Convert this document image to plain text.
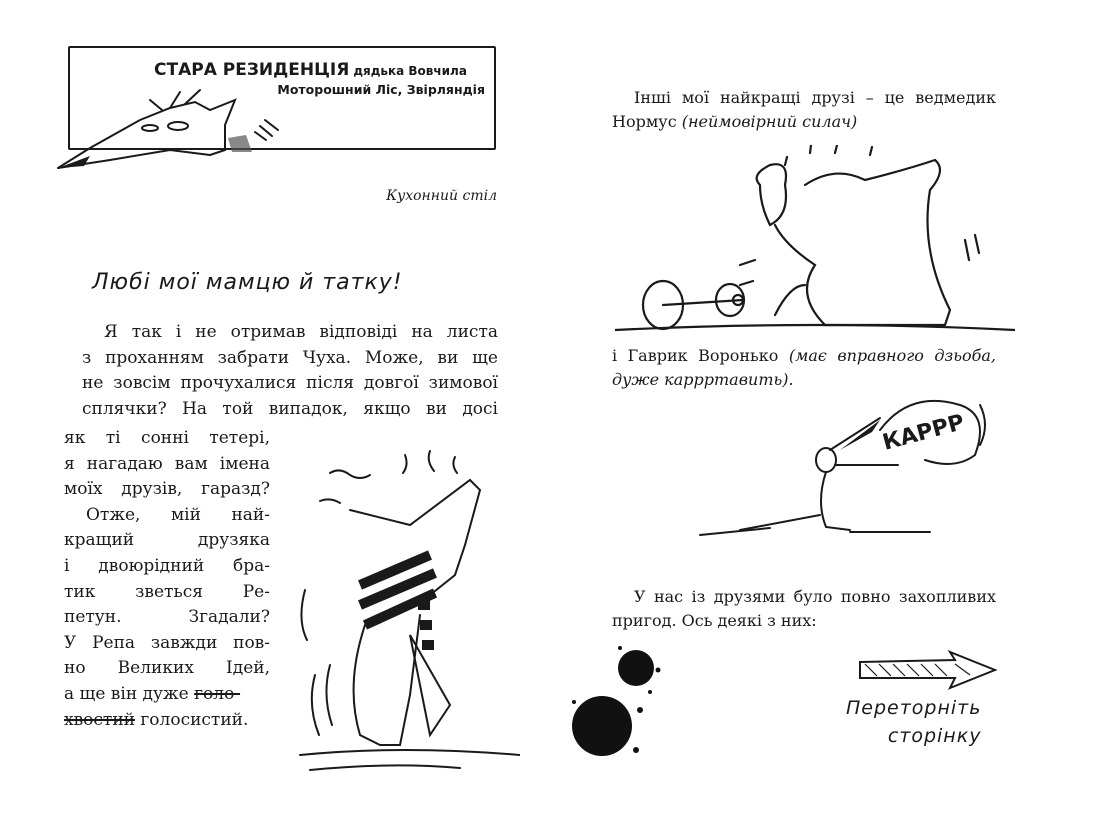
СТАРА РЕЗИДЕНЦІЯ дядька Вовчила
Моторошний Ліс, Звірляндія
Кухонний стіл
Любі мої мамцю й татку!
Я так і не отримав відповіді на листа
з проханням забрати Чуха. Може, ви ще
не зовсім прочухалися після довгої зимової
сплячки? На той випадок, якщо ви досі
як ті сонні тетері,
я нагадаю вам імена
моїх друзів, гаразд?
Отже, мій най-
кращий друзяка
і двоюрідний бра-
тик зветься Ре-
петун. Згадали?
У Репа завжди пов-
но Великих Ідей,
а ще він дуже голо-
хвостий голосистий.
Інші мої найкращі друзі – це ведмедик Нормус (неймовірний силач)
і Гаврик Воронько (має вправного дзьоба, дуже каррртавить).
КАРРР
У нас із друзями було повно захопливих пригод. Ось деякі з них:
Переторніть
сторінку
